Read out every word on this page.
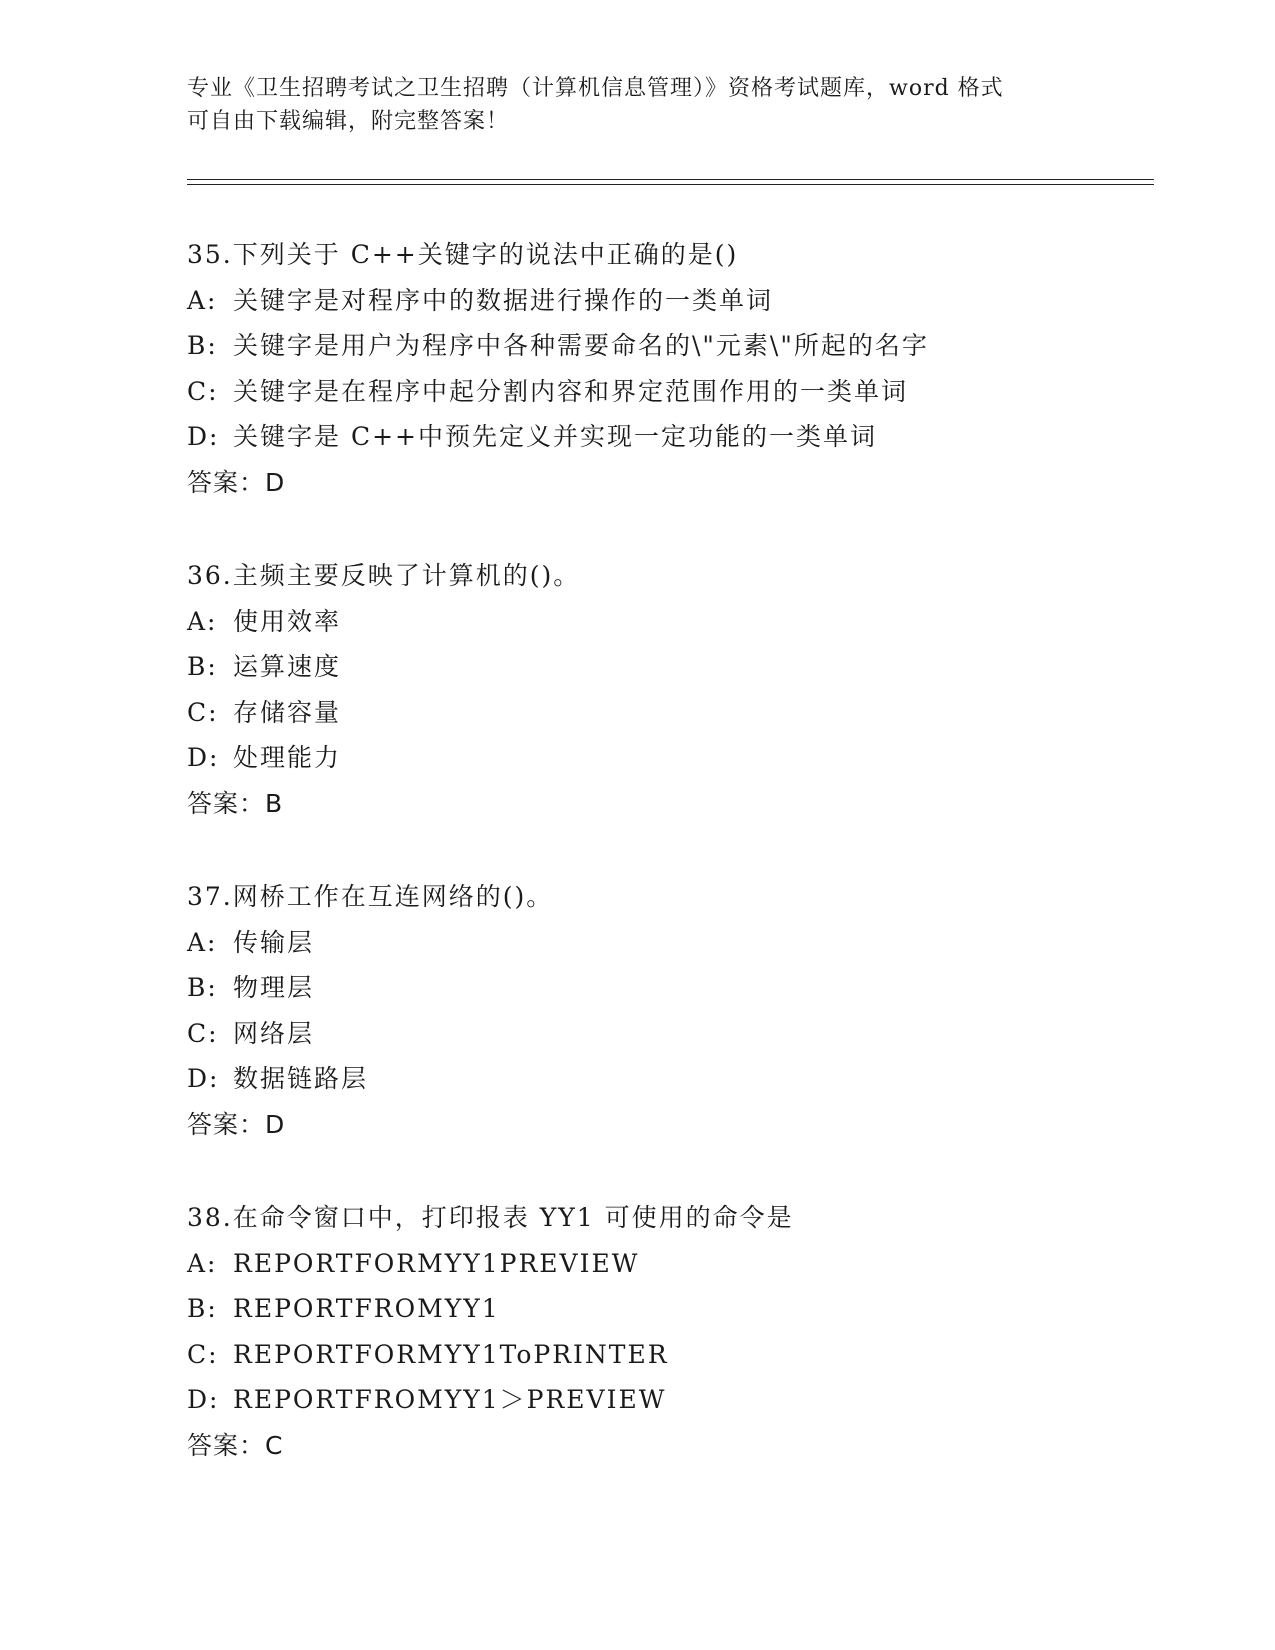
专业《卫生招聘考试之卫生招聘（计算机信息管理）》资格考试题库，word 格式
可自由下载编辑，附完整答案！
35.下列关于 C++关键字的说法中正确的是()
A: 关键字是对程序中的数据进行操作的一类单词
B: 关键字是用户为程序中各种需要命名的\"元素\"所起的名字
C: 关键字是在程序中起分割内容和界定范围作用的一类单词
D: 关键字是 C++中预先定义并实现一定功能的一类单词
答案：D
36.主频主要反映了计算机的()。
A: 使用效率
B: 运算速度
C: 存储容量
D: 处理能力
答案：B
37.网桥工作在互连网络的()。
A: 传输层
B: 物理层
C: 网络层
D: 数据链路层
答案：D
38.在命令窗口中，打印报表 YY1 可使用的命令是
A: REPORTFORMYY1PREVIEW
B: REPORTFROMYY1
C: REPORTFORMYY1ToPRINTER
D: REPORTFROMYY1＞PREVIEW
答案：C
